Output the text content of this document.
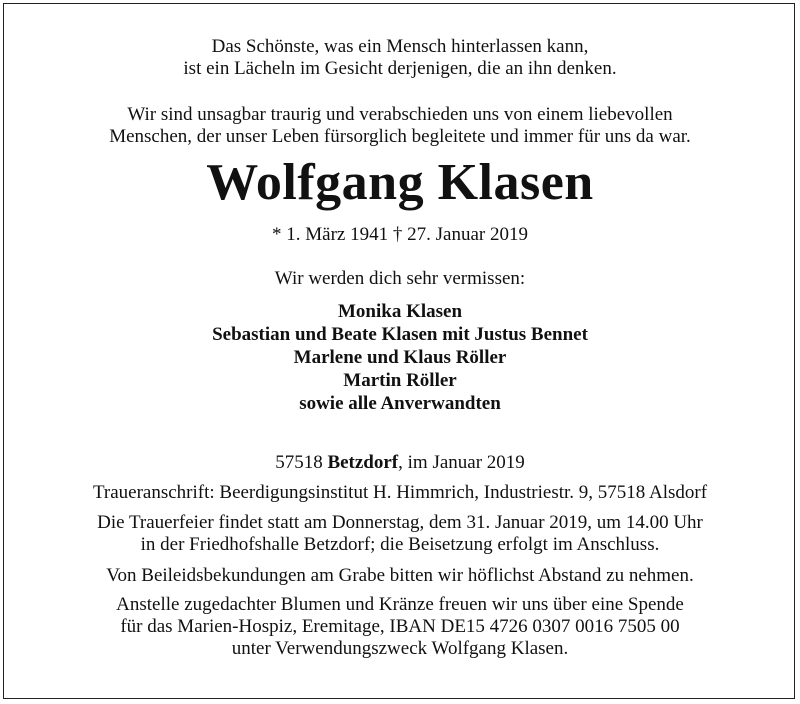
Das Schönste, was ein Mensch hinterlassen kann,
ist ein Lächeln im Gesicht derjenigen, die an ihn denken.
Wir sind unsagbar traurig und verabschieden uns von einem liebevollen
Menschen, der unser Leben fürsorglich begleitete und immer für uns da war.
Wolfgang Klasen
* 1. März 1941 † 27. Januar 2019
Wir werden dich sehr vermissen:
Monika Klasen
Sebastian und Beate Klasen mit Justus Bennet
Marlene und Klaus Röller
Martin Röller
sowie alle Anverwandten
57518 Betzdorf, im Januar 2019
Traueranschrift: Beerdigungsinstitut H. Himmrich, Industriestr. 9, 57518 Alsdorf
Die Trauerfeier findet statt am Donnerstag, dem 31. Januar 2019, um 14.00 Uhr
in der Friedhofshalle Betzdorf; die Beisetzung erfolgt im Anschluss.
Von Beileidsbekundungen am Grabe bitten wir höflichst Abstand zu nehmen.
Anstelle zugedachter Blumen und Kränze freuen wir uns über eine Spende
für das Marien-Hospiz, Eremitage, IBAN DE15 4726 0307 0016 7505 00
unter Verwendungszweck Wolfgang Klasen.
